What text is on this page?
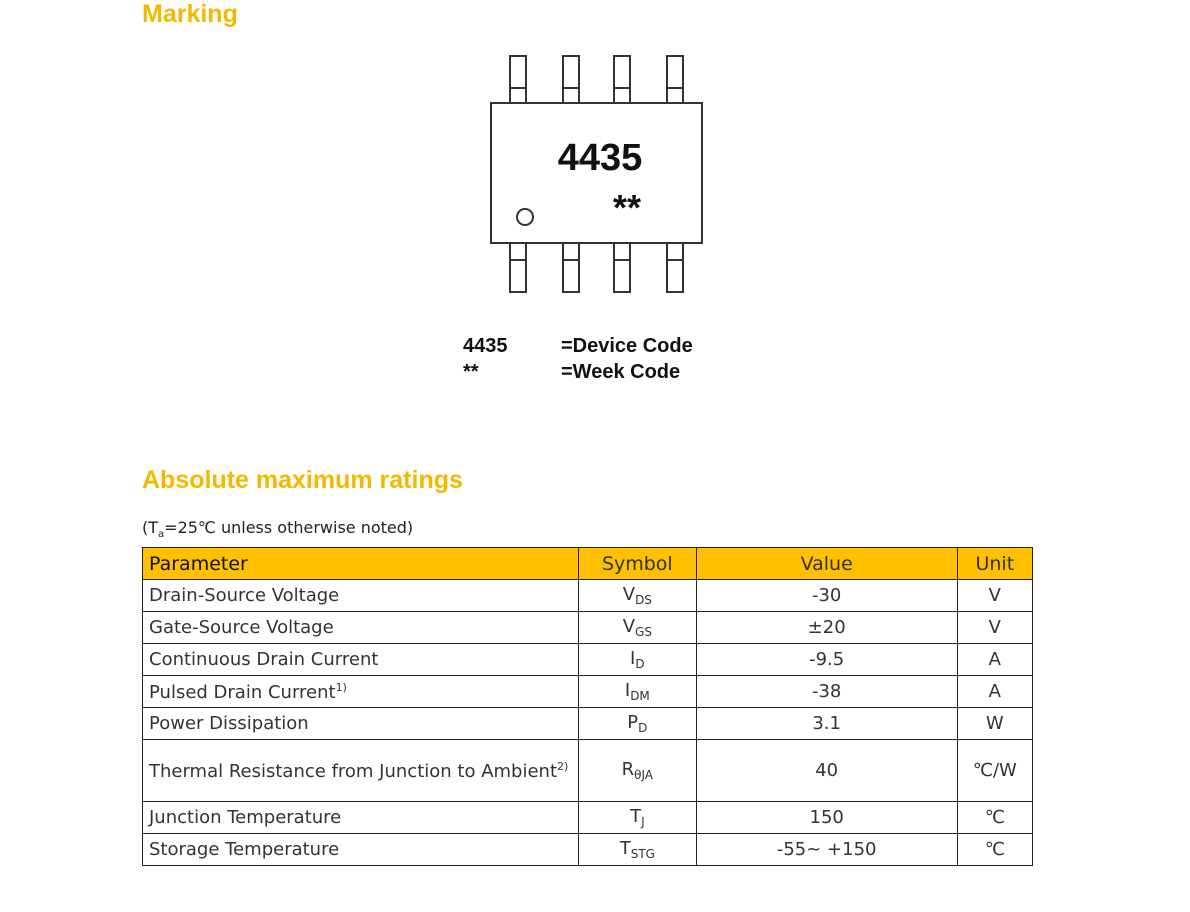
Marking
4435
**
4435	=Device Code
**	=Week Code
Absolute maximum ratings
($T_a=25℃$ unless otherwise noted)
Parameter	Symbol	Value	Unit
Drain-Source Voltage	$V_{DS}$	-30	V
Gate-Source Voltage	$V_{GS}$	±20	V
Continuous Drain Current	$I_D$	-9.5	A
Pulsed Drain Current$^{1)}$	$I_{DM}$	-38	A
Power Dissipation	$P_D$	3.1	W
Thermal Resistance from Junction to Ambient$^{2)}$	$R_{\theta JA}$	40	℃/W
Junction Temperature	$T_J$	150	℃
Storage Temperature	$T_{STG}$	-55~ +150	℃
